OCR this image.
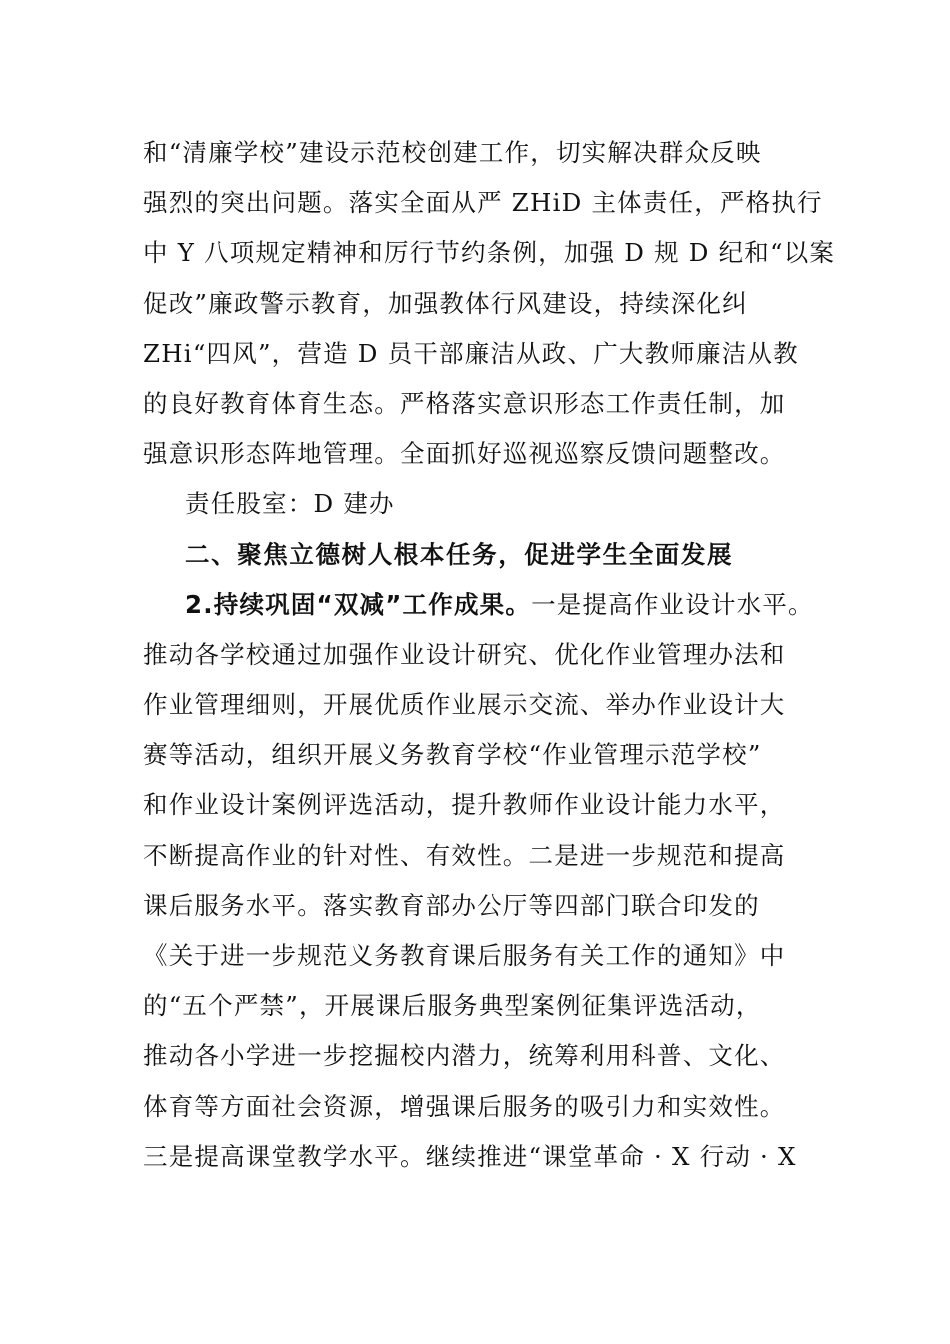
和“清廉学校”建设示范校创建工作，切实解决群众反映
强烈的突出问题。落实全面从严 ZHiD 主体责任，严格执行
中 Y 八项规定精神和厉行节约条例，加强 D 规 D 纪和“以案
促改”廉政警示教育，加强教体行风建设，持续深化纠
ZHi“四风”，营造 D 员干部廉洁从政、广大教师廉洁从教
的良好教育体育生态。严格落实意识形态工作责任制，加
强意识形态阵地管理。全面抓好巡视巡察反馈问题整改。
责任股室：D 建办
二、聚焦立德树人根本任务，促进学生全面发展
2.持续巩固“双减”工作成果。一是提高作业设计水平。
推动各学校通过加强作业设计研究、优化作业管理办法和
作业管理细则，开展优质作业展示交流、举办作业设计大
赛等活动，组织开展义务教育学校“作业管理示范学校”
和作业设计案例评选活动，提升教师作业设计能力水平，
不断提高作业的针对性、有效性。二是进一步规范和提高
课后服务水平。落实教育部办公厅等四部门联合印发的
《关于进一步规范义务教育课后服务有关工作的通知》中
的“五个严禁”，开展课后服务典型案例征集评选活动，
推动各小学进一步挖掘校内潜力，统筹利用科普、文化、
体育等方面社会资源，增强课后服务的吸引力和实效性。
三是提高课堂教学水平。继续推进“课堂革命 · X 行动 · X
